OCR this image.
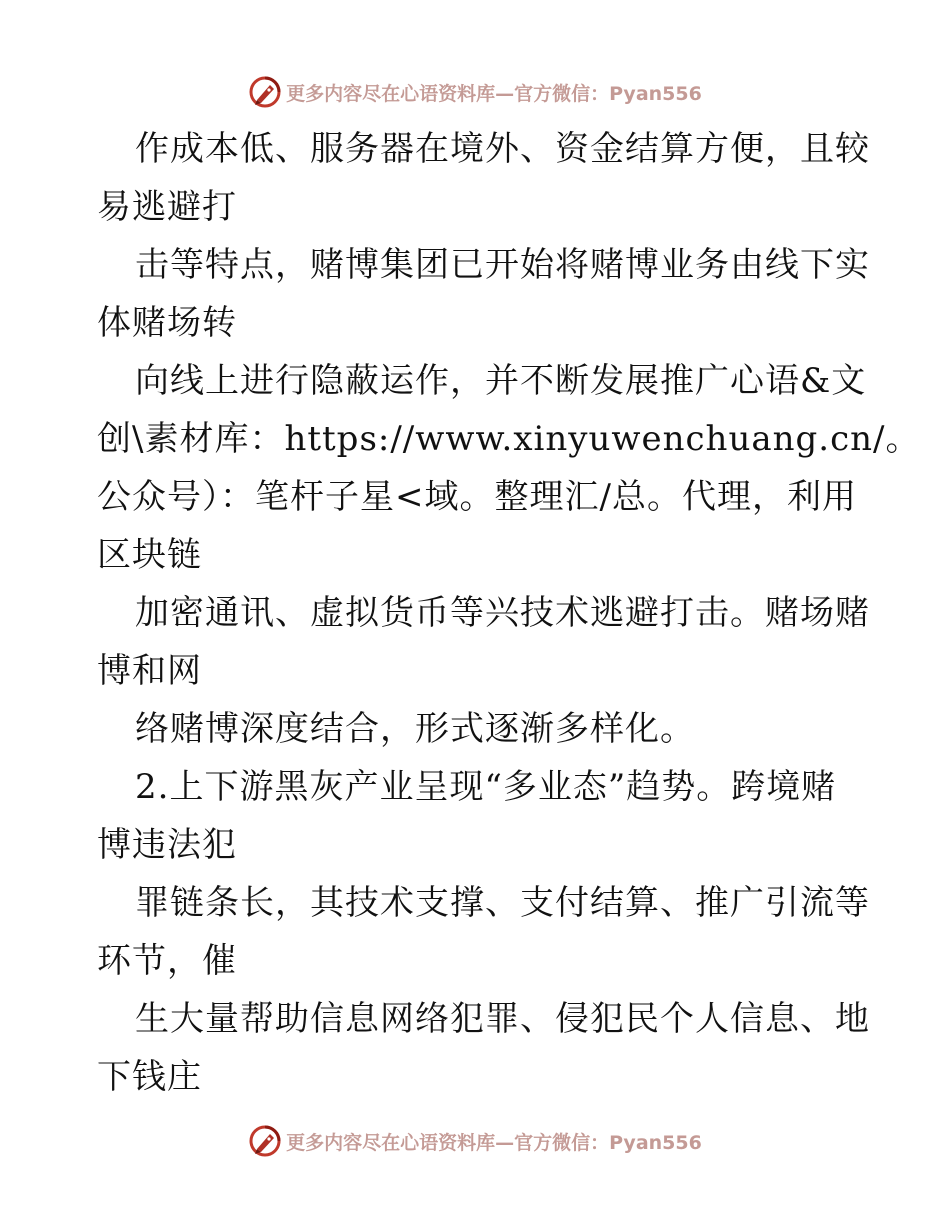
更多内容尽在心语资料库—官方微信：Pyan556
作成本低、服务器在境外、资金结算方便，且较
易逃避打
击等特点，赌博集团已开始将赌博业务由线下实
体赌场转
向线上进行隐蔽运作，并不断发展推广心语&文
创\素材库：https://www.xinyuwenchuang.cn/。
公众号）：笔杆子星<域。整理汇/总。代理，利用
区块链
加密通讯、虚拟货币等兴技术逃避打击。赌场赌
博和网
络赌博深度结合，形式逐渐多样化。
2.上下游黑灰产业呈现“多业态”趋势。跨境赌
博违法犯
罪链条长，其技术支撑、支付结算、推广引流等
环节，催
生大量帮助信息网络犯罪、侵犯民个人信息、地
下钱庄
更多内容尽在心语资料库—官方微信：Pyan556
